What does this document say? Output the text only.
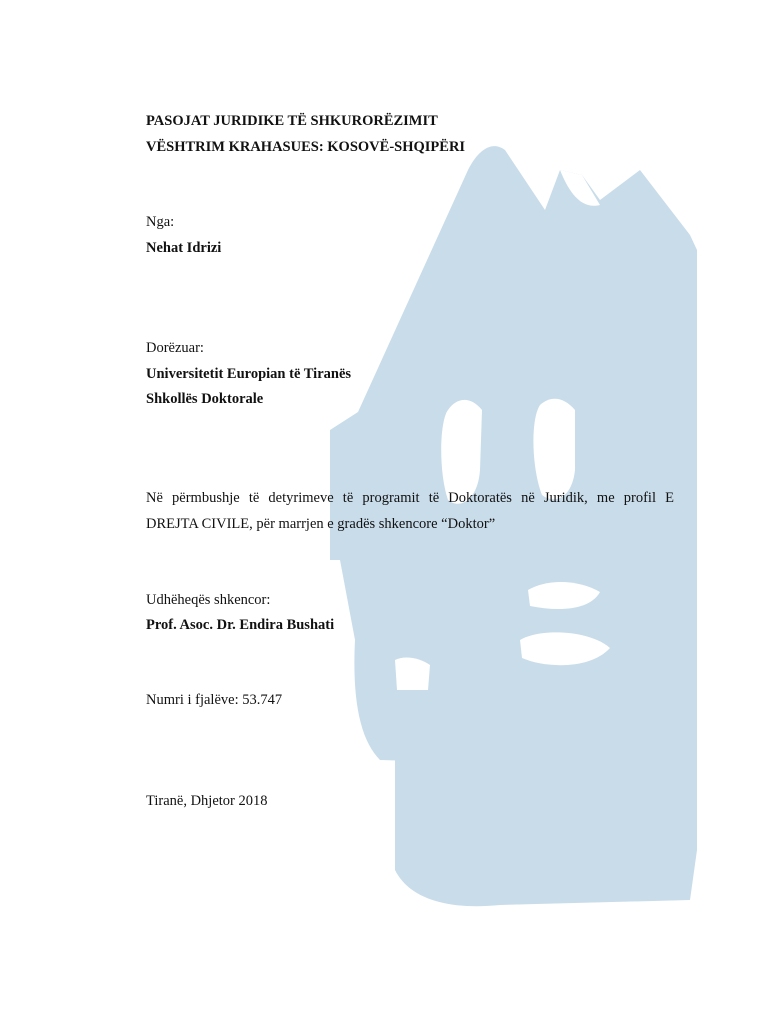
PASOJAT JURIDIKE TË SHKURORËZIMIT
VËSHTRIM KRAHASUES: KOSOVË-SHQIPËRI
Nga:
Nehat Idrizi
Dorëzuar:
Universitetit Europian të Tiranës
Shkollës Doktorale
Në përmbushje të detyrimeve të programit të Doktoratës në Juridik, me profil E
DREJTA CIVILE, për marrjen e gradës shkencore “Doktor”
Udhëheqës shkencor:
Prof. Asoc. Dr. Endira Bushati
Numri i fjalëve: 53.747
Tiranë, Dhjetor 2018
